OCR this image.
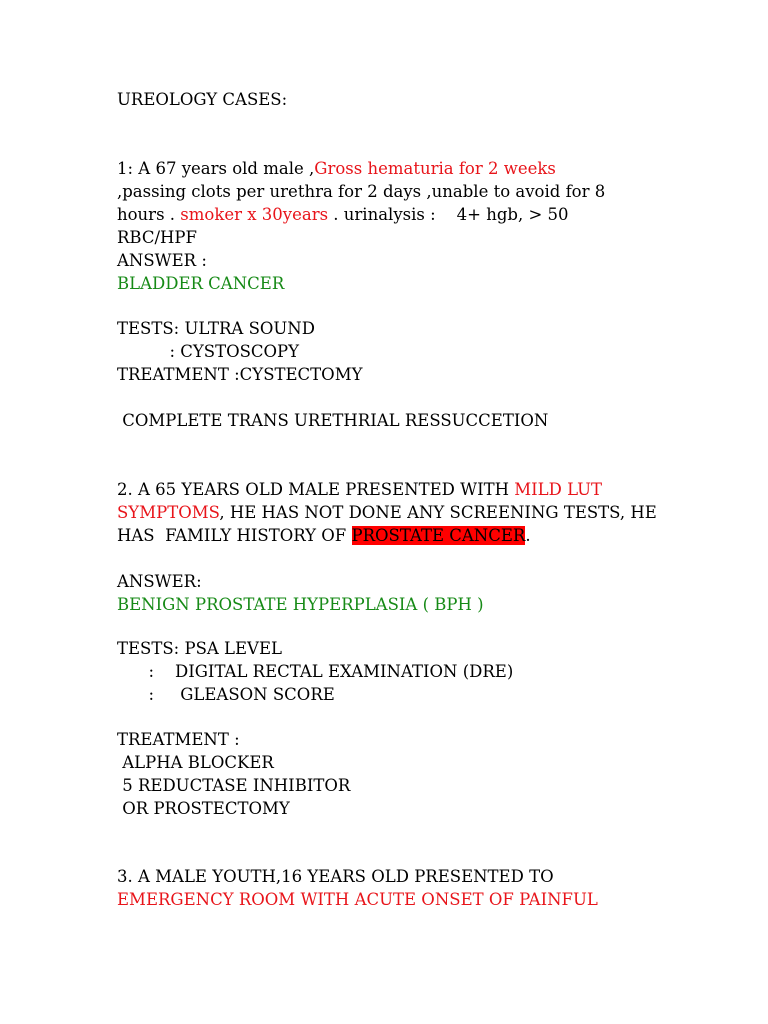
UREOLOGY CASES:
1: A 67 years old male ,Gross hematuria for 2 weeks
,passing clots per urethra for 2 days ,unable to avoid for 8
hours . smoker x 30years . urinalysis :    4+ hgb, > 50
RBC/HPF
ANSWER :
BLADDER CANCER
TESTS: ULTRA SOUND
: CYSTOSCOPY
TREATMENT :CYSTECTOMY
COMPLETE TRANS URETHRIAL RESSUCCETION
2. A 65 YEARS OLD MALE PRESENTED WITH MILD LUT
SYMPTOMS, HE HAS NOT DONE ANY SCREENING TESTS, HE
HAS  FAMILY HISTORY OF PROSTATE CANCER.
ANSWER:
BENIGN PROSTATE HYPERPLASIA ( BPH )
TESTS: PSA LEVEL
:    DIGITAL RECTAL EXAMINATION (DRE)
:     GLEASON SCORE
TREATMENT :
ALPHA BLOCKER
5 REDUCTASE INHIBITOR
OR PROSTECTOMY
3. A MALE YOUTH,16 YEARS OLD PRESENTED TO
EMERGENCY ROOM WITH ACUTE ONSET OF PAINFUL
